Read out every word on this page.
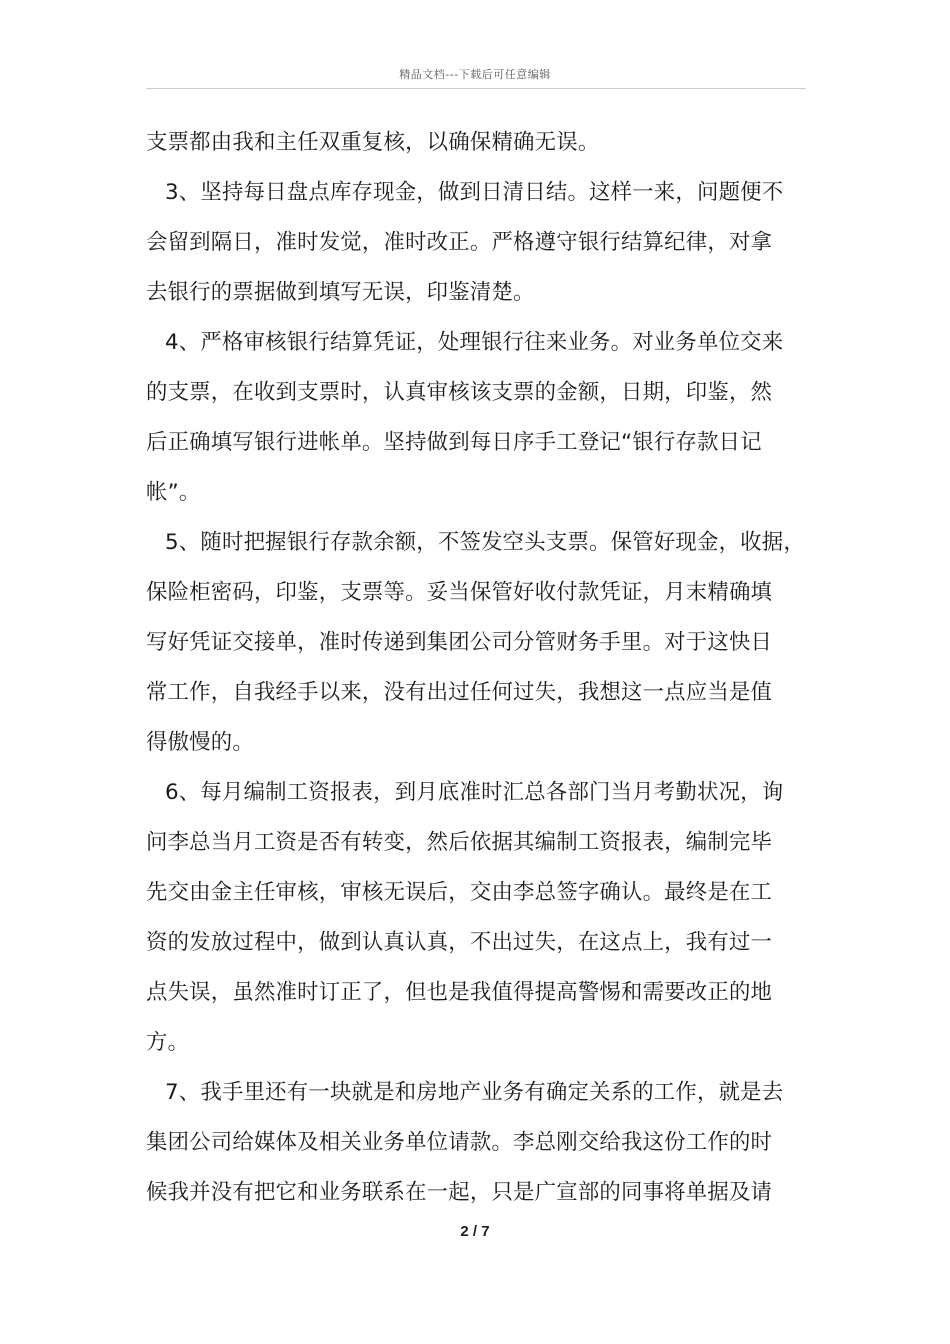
精品文档---下载后可任意编辑
支票都由我和主任双重复核，以确保精确无误。
3、坚持每日盘点库存现金，做到日清日结。这样一来，问题便不
会留到隔日，准时发觉，准时改正。严格遵守银行结算纪律，对拿
去银行的票据做到填写无误，印鉴清楚。
4、严格审核银行结算凭证，处理银行往来业务。对业务单位交来
的支票，在收到支票时，认真审核该支票的金额，日期，印鉴，然
后正确填写银行进帐单。坚持做到每日序手工登记“银行存款日记
帐”。
5、随时把握银行存款余额，不签发空头支票。保管好现金，收据，
保险柜密码，印鉴，支票等。妥当保管好收付款凭证，月末精确填
写好凭证交接单，准时传递到集团公司分管财务手里。对于这快日
常工作，自我经手以来，没有出过任何过失，我想这一点应当是值
得傲慢的。
6、每月编制工资报表，到月底准时汇总各部门当月考勤状况，询
问李总当月工资是否有转变，然后依据其编制工资报表，编制完毕
先交由金主任审核，审核无误后，交由李总签字确认。最终是在工
资的发放过程中，做到认真认真，不出过失，在这点上，我有过一
点失误，虽然准时订正了，但也是我值得提高警惕和需要改正的地
方。
7、我手里还有一块就是和房地产业务有确定关系的工作，就是去
集团公司给媒体及相关业务单位请款。李总刚交给我这份工作的时
候我并没有把它和业务联系在一起，只是广宣部的同事将单据及请
2 / 7
